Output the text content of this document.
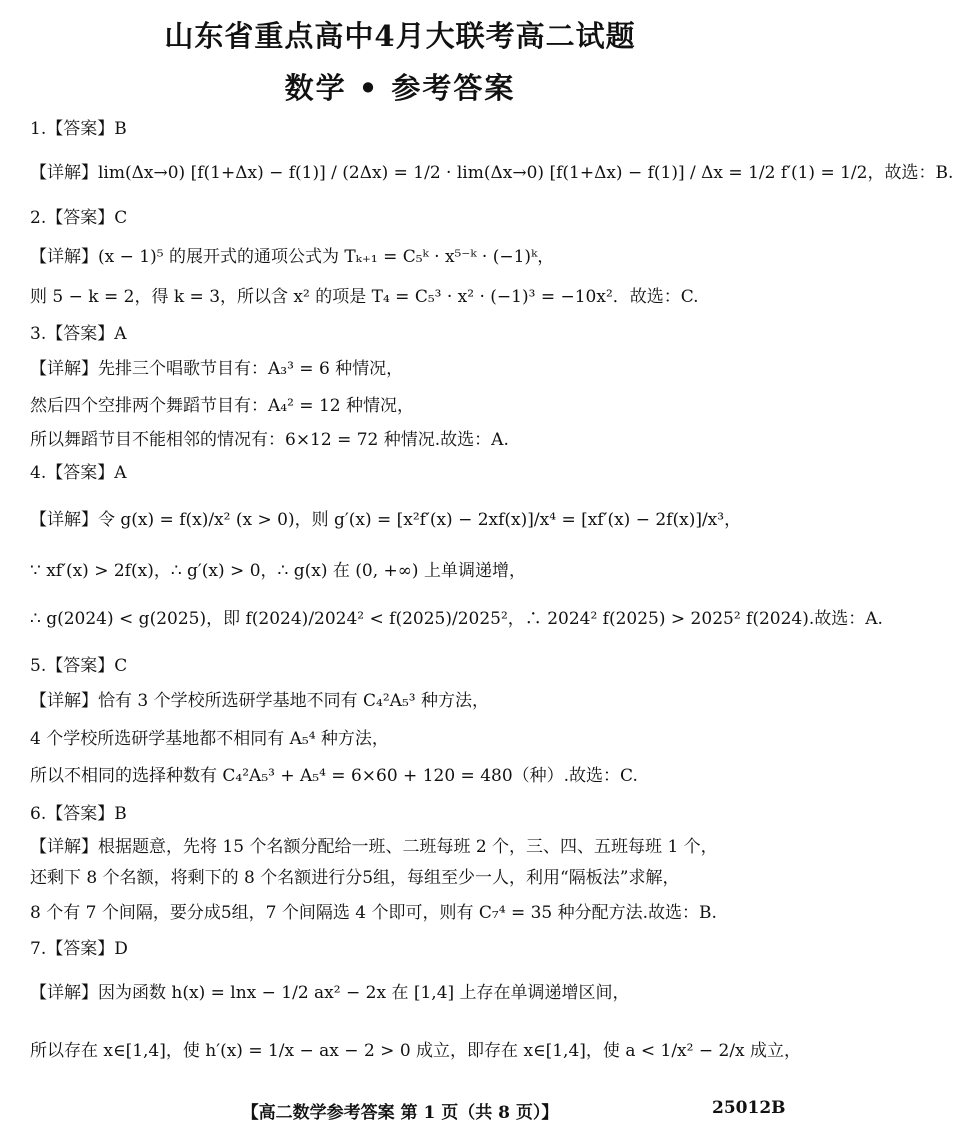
山东省重点高中4月大联考高二试题
数学 • 参考答案
1.【答案】B
【详解】lim(Δx→0) [f(1+Δx) − f(1)] / (2Δx) = 1/2 · lim(Δx→0) [f(1+Δx) − f(1)] / Δx = 1/2 f′(1) = 1/2，故选：B.
2.【答案】C
【详解】(x − 1)⁵ 的展开式的通项公式为 Tₖ₊₁ = C₅ᵏ · x⁵⁻ᵏ · (−1)ᵏ，
则 5 − k = 2，得 k = 3，所以含 x² 的项是 T₄ = C₅³ · x² · (−1)³ = −10x²．故选：C.
3.【答案】A
【详解】先排三个唱歌节目有：A₃³ = 6 种情况，
然后四个空排两个舞蹈节目有：A₄² = 12 种情况，
所以舞蹈节目不能相邻的情况有：6×12 = 72 种情况.故选：A.
4.【答案】A
【详解】令 g(x) = f(x)/x² (x > 0)，则 g′(x) = [x²f′(x) − 2xf(x)]/x⁴ = [xf′(x) − 2f(x)]/x³，
∵ xf′(x) > 2f(x)，∴ g′(x) > 0，∴ g(x) 在 (0, +∞) 上单调递增，
∴ g(2024) < g(2025)，即 f(2024)/2024² < f(2025)/2025²，∴ 2024² f(2025) > 2025² f(2024).故选：A.
5.【答案】C
【详解】恰有 3 个学校所选研学基地不同有 C₄²A₅³ 种方法，
4 个学校所选研学基地都不相同有 A₅⁴ 种方法，
所以不相同的选择种数有 C₄²A₅³ + A₅⁴ = 6×60 + 120 = 480（种）.故选：C.
6.【答案】B
【详解】根据题意，先将 15 个名额分配给一班、二班每班 2 个，三、四、五班每班 1 个，
还剩下 8 个名额，将剩下的 8 个名额进行分5组，每组至少一人，利用“隔板法”求解，
8 个有 7 个间隔，要分成5组，7 个间隔选 4 个即可，则有 C₇⁴ = 35 种分配方法.故选：B.
7.【答案】D
【详解】因为函数 h(x) = lnx − 1/2 ax² − 2x 在 [1,4] 上存在单调递增区间，
所以存在 x∈[1,4]，使 h′(x) = 1/x − ax − 2 > 0 成立，即存在 x∈[1,4]，使 a < 1/x² − 2/x 成立，
【高二数学参考答案 第 1 页（共 8 页）】	25012B
